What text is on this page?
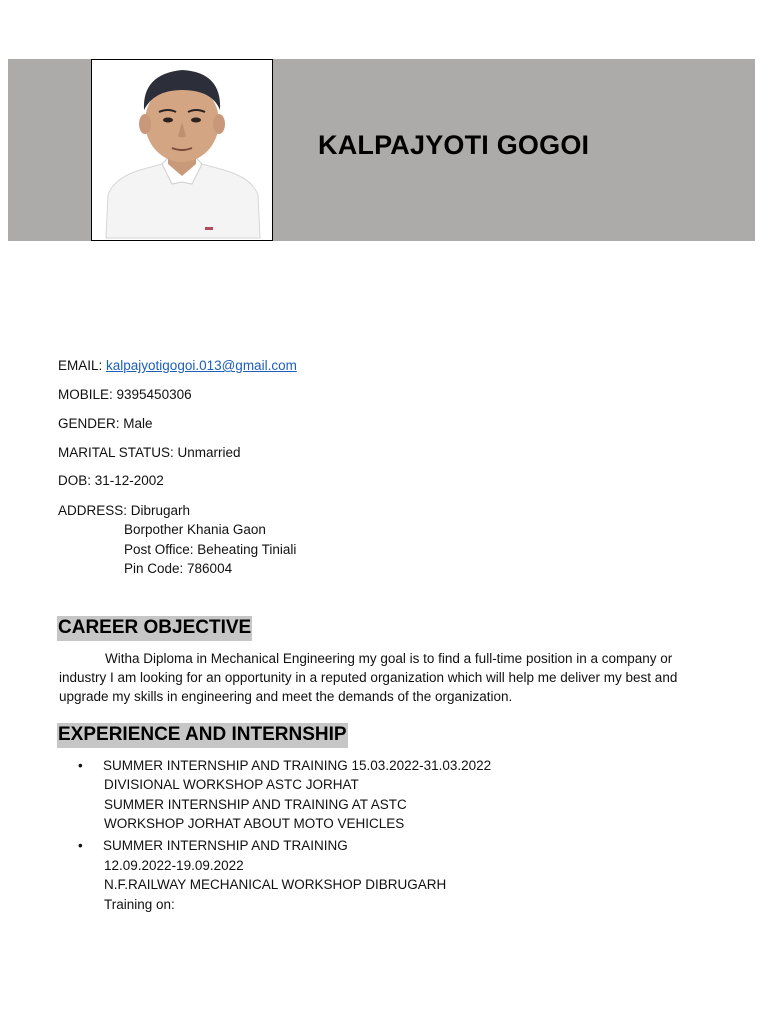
KALPAJYOTI GOGOI
EMAIL: kalpajyotigogoi.013@gmail.com
MOBILE: 9395450306
GENDER: Male
MARITAL STATUS: Unmarried
DOB: 31-12-2002
ADDRESS: Dibrugarh
Borpother Khania Gaon
Post Office: Beheating Tiniali
Pin Code: 786004
CAREER OBJECTIVE
Witha Diploma in Mechanical Engineering my goal is to find a full-time position in a company or industry I am looking for an opportunity in a reputed organization which will help me deliver my best and upgrade my skills in engineering and meet the demands of the organization.
EXPERIENCE AND INTERNSHIP
• SUMMER INTERNSHIP AND TRAINING 15.03.2022-31.03.2022
DIVISIONAL WORKSHOP ASTC JORHAT
SUMMER INTERNSHIP AND TRAINING AT ASTC
WORKSHOP JORHAT ABOUT MOTO VEHICLES
• SUMMER INTERNSHIP AND TRAINING
12.09.2022-19.09.2022
N.F.RAILWAY MECHANICAL WORKSHOP DIBRUGARH
Training on:
